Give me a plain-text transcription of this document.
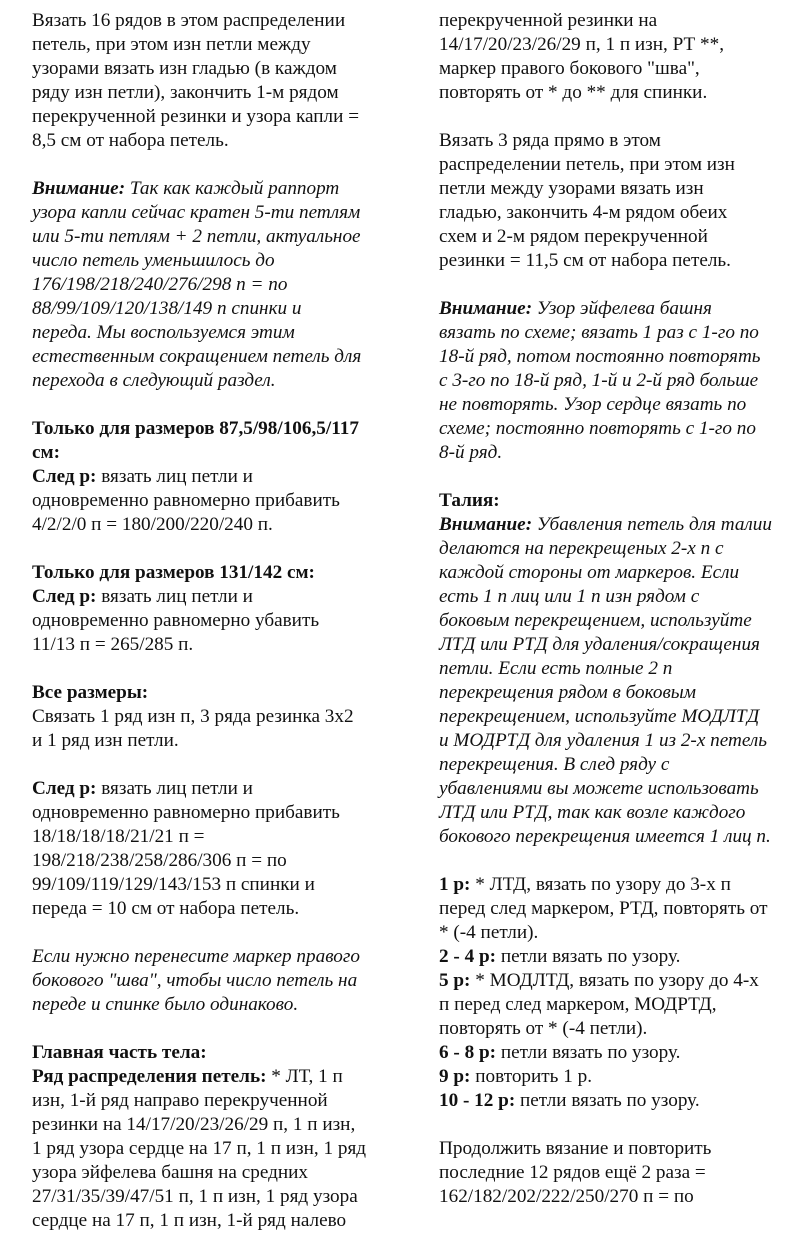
Вязать 16 рядов в этом распределении
петель, при этом изн петли между
узорами вязать изн гладью (в каждом
ряду изн петли), закончить 1-м рядом
перекрученной резинки и узора капли =
8,5 см от набора петель.

Внимание: Так как каждый раппорт
узора капли сейчас кратен 5-ти петлям
или 5-ти петлям + 2 петли, актуальное
число петель уменьшилось до
176/198/218/240/276/298 п = по
88/99/109/120/138/149 п спинки и
переда. Мы воспользуемся этим
естественным сокращением петель для
перехода в следующий раздел.

Только для размеров 87,5/98/106,5/117
см:
След р: вязать лиц петли и
одновременно равномерно прибавить
4/2/2/0 п = 180/200/220/240 п.

Только для размеров 131/142 см:
След р: вязать лиц петли и
одновременно равномерно убавить
11/13 п = 265/285 п.

Все размеры:
Связать 1 ряд изн п, 3 ряда резинка 3х2
и 1 ряд изн петли.

След р: вязать лиц петли и
одновременно равномерно прибавить
18/18/18/18/21/21 п =
198/218/238/258/286/306 п = по
99/109/119/129/143/153 п спинки и
переда = 10 см от набора петель.

Если нужно перенесите маркер правого
бокового "шва", чтобы число петель на
переде и спинке было одинаково.

Главная часть тела:
Ряд распределения петель: * ЛТ, 1 п
изн, 1-й ряд направо перекрученной
резинки на 14/17/20/23/26/29 п, 1 п изн,
1 ряд узора сердце на 17 п, 1 п изн, 1 ряд
узора эйфелева башня на средних
27/31/35/39/47/51 п, 1 п изн, 1 ряд узора
сердце на 17 п, 1 п изн, 1-й ряд налево

перекрученной резинки на
14/17/20/23/26/29 п, 1 п изн, РТ **,
маркер правого бокового "шва",
повторять от * до ** для спинки.

Вязать 3 ряда прямо в этом
распределении петель, при этом изн
петли между узорами вязать изн
гладью, закончить 4-м рядом обеих
схем и 2-м рядом перекрученной
резинки = 11,5 см от набора петель.

Внимание: Узор эйфелева башня
вязать по схеме; вязать 1 раз с 1-го по
18-й ряд, потом постоянно повторять
с 3-го по 18-й ряд, 1-й и 2-й ряд больше
не повторять. Узор сердце вязать по
схеме; постоянно повторять с 1-го по
8-й ряд.

Талия:
Внимание: Убавления петель для талии
делаются на перекрещеных 2-х п с
каждой стороны от маркеров. Если
есть 1 п лиц или 1 п изн рядом с
боковым перекрещением, используйте
ЛТД или РТД для удаления/сокращения
петли. Если есть полные 2 п
перекрещения рядом в боковым
перекрещением, используйте МОДЛТД
и МОДРТД для удаления 1 из 2-х петель
перекрещения. В след ряду с
убавлениями вы можете использовать
ЛТД или РТД, так как возле каждого
бокового перекрещения имеется 1 лиц п.

1 р: * ЛТД, вязать по узору до 3-х п
перед след маркером, РТД, повторять от
* (-4 петли).
2 - 4 р: петли вязать по узору.
5 р: * МОДЛТД, вязать по узору до 4-х
п перед след маркером, МОДРТД,
повторять от * (-4 петли).
6 - 8 р: петли вязать по узору.
9 р: повторить 1 р.
10 - 12 р: петли вязать по узору.

Продолжить вязание и повторить
последние 12 рядов ещё 2 раза =
162/182/202/222/250/270 п = по
